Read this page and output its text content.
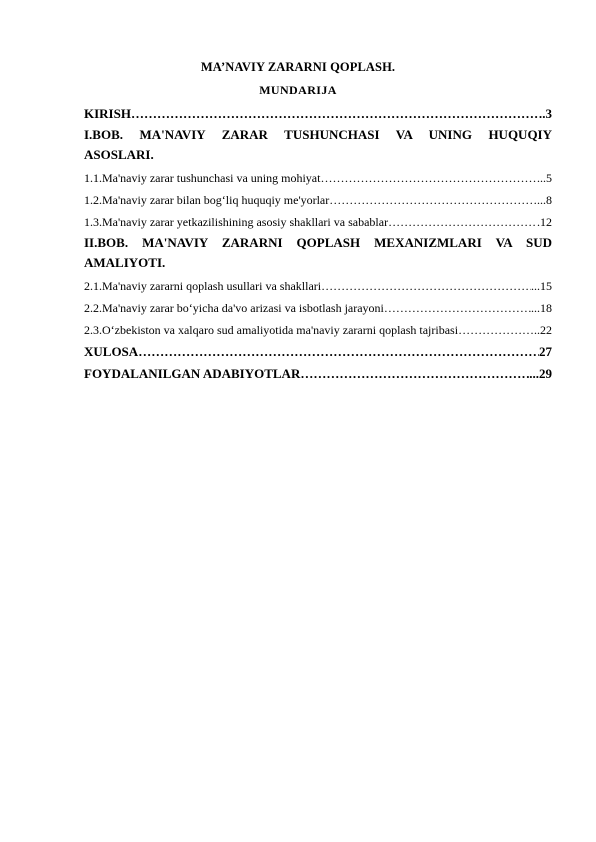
MA’NAVIY ZARARNI QOPLASH.
MUNDARIJA
KIRISH ………………………………………………………………………………………………………………………………………………………………………………………………	.3
I.BOB. MA'NAVIY ZARAR TUSHUNCHASI VA UNING HUQUQIY
ASOSLARI.
1.1.Ma'naviy zarar tushunchasi va uning mohiyat ………………………………………………………………………………………………………………………………………………………………………………………………	..5
1.2.Ma'naviy zarar bilan bog‘liq huquqiy me'yorlar ………………………………………………………………………………………………………………………………………………………………………………………………	...8
1.3.Ma'naviy zarar yetkazilishining asosiy shakllari va sabablar ………………………………………………………………………………………………………………………………………………………………………………………………	.12
II.BOB. MA'NAVIY ZARARNI QOPLASH MEXANIZMLARI VA SUD
AMALIYOTI.
2.1.Ma'naviy zararni qoplash usullari va shakllari ………………………………………………………………………………………………………………………………………………………………………………………………	...15
2.2.Ma'naviy zarar bo‘yicha da'vo arizasi va isbotlash jarayoni ………………………………………………………………………………………………………………………………………………………………………………………………	...18
2.3.O‘zbekiston va xalqaro sud amaliyotida ma'naviy zararni qoplash tajribasi ………………………………………………………………………………………………………………………………………………………………………………………………	…..22
XULOSA ………………………………………………………………………………………………………………………………………………………………………………………………	27
FOYDALANILGAN ADABIYOTLAR ………………………………………………………………………………………………………………………………………………………………………………………………	...29
